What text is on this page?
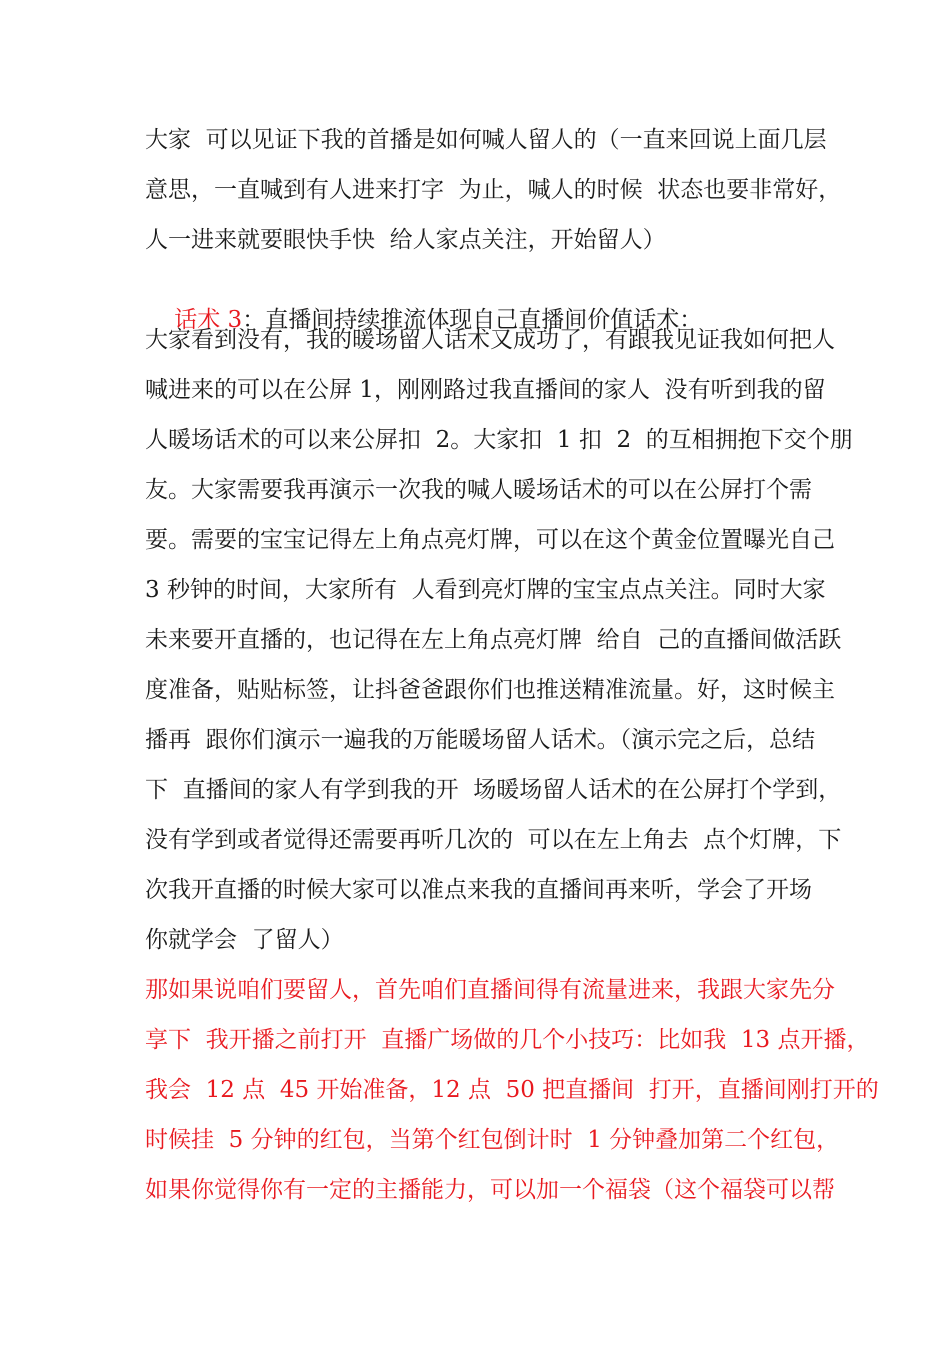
大家  可以见证下我的首播是如何喊人留人的（一直来回说上面几层
意思，一直喊到有人进来打字  为止，喊人的时候  状态也要非常好，
人一进来就要眼快手快  给人家点关注，开始留人）

话术 3：直播间持续推流体现自己直播间价值话术：

大家看到没有，我的暖场留人话术又成功了，有跟我见证我如何把人
喊进来的可以在公屏 1，刚刚路过我直播间的家人  没有听到我的留
人暖场话术的可以来公屏扣  2。大家扣  1 扣  2  的互相拥抱下交个朋
友。大家需要我再演示一次我的喊人暖场话术的可以在公屏打个需
要。需要的宝宝记得左上角点亮灯牌，可以在这个黄金位置曝光自己
3 秒钟的时间，大家所有  人看到亮灯牌的宝宝点点关注。同时大家
未来要开直播的，也记得在左上角点亮灯牌  给自  己的直播间做活跃
度准备，贴贴标签，让抖爸爸跟你们也推送精准流量。好，这时候主
播再  跟你们演示一遍我的万能暖场留人话术。（演示完之后，总结
下  直播间的家人有学到我的开  场暖场留人话术的在公屏打个学到，
没有学到或者觉得还需要再听几次的  可以在左上角去  点个灯牌，下
次我开直播的时候大家可以准点来我的直播间再来听，学会了开场
你就学会  了留人）
那如果说咱们要留人，首先咱们直播间得有流量进来，我跟大家先分
享下  我开播之前打开  直播广场做的几个小技巧：比如我  13 点开播，
我会  12 点  45 开始准备，12 点  50 把直播间  打开，直播间刚打开的
时候挂  5 分钟的红包，当第个红包倒计时  1 分钟叠加第二个红包，
如果你觉得你有一定的主播能力，可以加一个福袋（这个福袋可以帮
